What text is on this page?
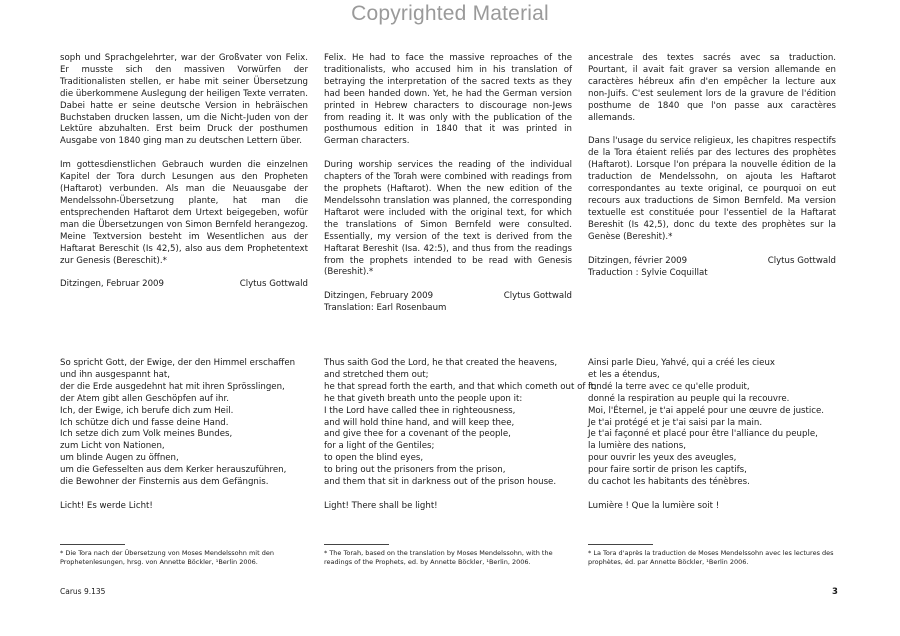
Copyrighted Material

soph und Sprachgelehrter, war der Großvater von Felix. Er musste sich den massiven Vorwürfen der Traditionalisten stellen, er habe mit seiner Übersetzung die überkommene Auslegung der heiligen Texte verraten. Dabei hatte er seine deutsche Version in hebräischen Buchstaben drucken lassen, um die Nicht-Juden von der Lektüre abzuhalten. Erst beim Druck der posthumen Ausgabe von 1840 ging man zu deutschen Lettern über.

Im gottesdienstlichen Gebrauch wurden die einzelnen Kapitel der Tora durch Lesungen aus den Propheten (Haftarot) verbunden. Als man die Neuausgabe der Mendelssohn-Übersetzung plante, hat man die entsprechenden Haftarot dem Urtext beigegeben, wofür man die Übersetzungen von Simon Bernfeld herangezog. Meine Textversion besteht im Wesentlichen aus der Haftarat Bereschit (Is 42,5), also aus dem Prophetentext zur Genesis (Bereschit).*

Ditzingen, Februar 2009	Clytus Gottwald

Felix. He had to face the massive reproaches of the traditionalists, who accused him in his translation of betraying the interpretation of the sacred texts as they had been handed down. Yet, he had the German version printed in Hebrew characters to discourage non-Jews from reading it. It was only with the publication of the posthumous edition in 1840 that it was printed in German characters.

During worship services the reading of the individual chapters of the Torah were combined with readings from the prophets (Haftarot). When the new edition of the Mendelssohn translation was planned, the corresponding Haftarot were included with the original text, for which the translations of Simon Bernfeld were consulted. Essentially, my version of the text is derived from the Haftarat Bereshit (Isa. 42:5), and thus from the readings from the prophets intended to be read with Genesis (Bereshit).*

Ditzingen, February 2009	Clytus Gottwald

Translation: Earl Rosenbaum

ancestrale des textes sacrés avec sa traduction. Pourtant, il avait fait graver sa version allemande en caractères hébreux afin d'en empêcher la lecture aux non-Juifs. C'est seulement lors de la gravure de l'édition posthume de 1840 que l'on passe aux caractères allemands.

Dans l'usage du service religieux, les chapitres respectifs de la Tora étaient reliés par des lectures des prophètes (Haftarot). Lorsque l'on prépara la nouvelle édition de la traduction de Mendelssohn, on ajouta les Haftarot correspondantes au texte original, ce pourquoi on eut recours aux traductions de Simon Bernfeld. Ma version textuelle est constituée pour l'essentiel de la Haftarat Bereshit (Is 42,5), donc du texte des prophètes sur la Genèse (Bereshit).*

Ditzingen, février 2009	Clytus Gottwald

Traduction : Sylvie Coquillat

So spricht Gott, der Ewige, der den Himmel erschaffen
und ihn ausgespannt hat,
der die Erde ausgedehnt hat mit ihren Sprösslingen,
der Atem gibt allen Geschöpfen auf ihr.
Ich, der Ewige, ich berufe dich zum Heil.
Ich schütze dich und fasse deine Hand.
Ich setze dich zum Volk meines Bundes,
zum Licht von Nationen,
um blinde Augen zu öffnen,
um die Gefesselten aus dem Kerker herauszuführen,
die Bewohner der Finsternis aus dem Gefängnis.
Licht! Es werde Licht!
Thus saith God the Lord, he that created the heavens,
and stretched them out;
he that spread forth the earth, and that which cometh out of it;
he that giveth breath unto the people upon it:
I the Lord have called thee in righteousness,
and will hold thine hand, and will keep thee,
and give thee for a covenant of the people,
for a light of the Gentiles;
to open the blind eyes,
to bring out the prisoners from the prison,
and them that sit in darkness out of the prison house.
Light! There shall be light!
Ainsi parle Dieu, Yahvé, qui a créé les cieux
et les a étendus,
fondé la terre avec ce qu'elle produit,
donné la respiration au peuple qui la recouvre.
Moi, l'Éternel, je t'ai appelé pour une œuvre de justice.
Je t'ai protégé et je t'ai saisi par la main.
Je t'ai façonné et placé pour être l'alliance du peuple,
la lumière des nations,
pour ouvrir les yeux des aveugles,
pour faire sortir de prison les captifs,
du cachot les habitants des ténèbres.
Lumière ! Que la lumière soit !
* Die Tora nach der Übersetzung von Moses Mendelssohn mit den Prophetenlesungen, hrsg. von Annette Böckler, ¹Berlin 2006.
* The Torah, based on the translation by Moses Mendelssohn, with the readings of the Prophets, ed. by Annette Böckler, ¹Berlin, 2006.
* La Tora d'après la traduction de Moses Mendelssohn avec les lectures des prophètes, éd. par Annette Böckler, ¹Berlin 2006.
Carus 9.135	3
